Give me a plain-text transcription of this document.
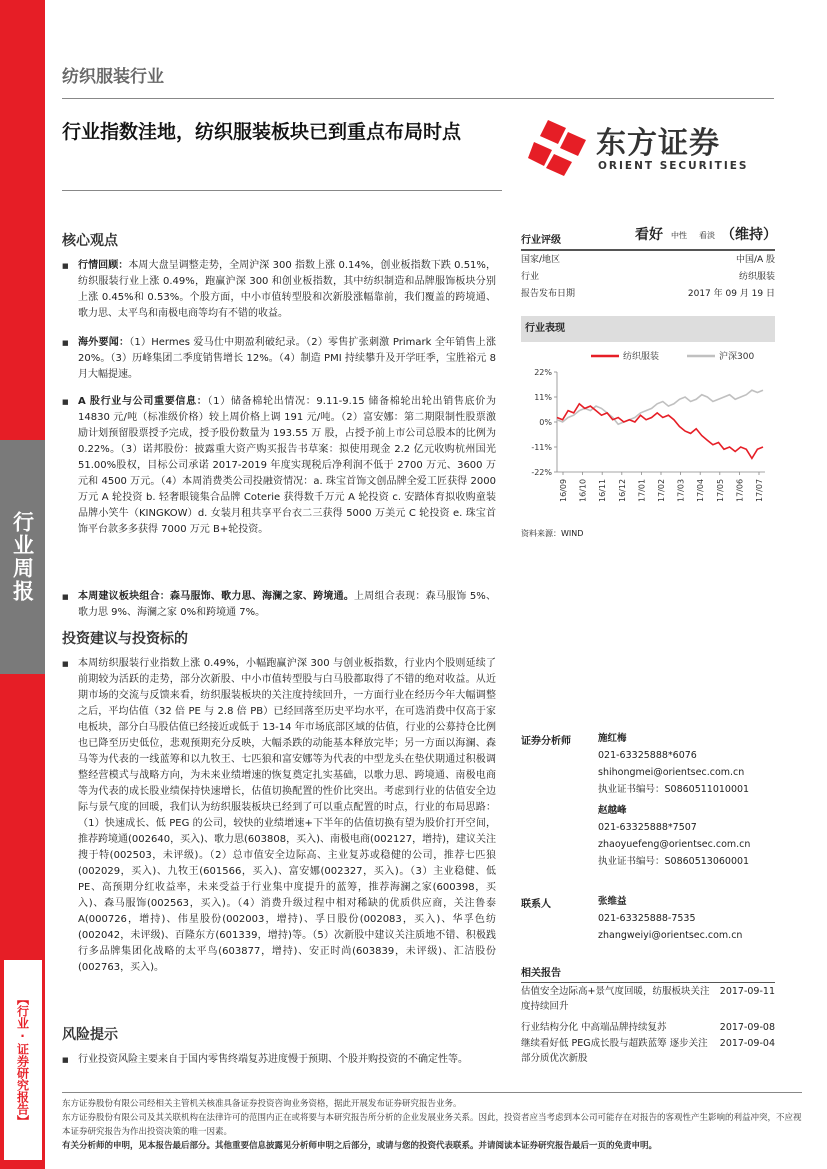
行业周报
【行业·证券研究报告】
纺织服装行业
行业指数洼地，纺织服装板块已到重点布局时点	东方证券
ORIENT SECURITIES
核心观点
■ 行情回顾：本周大盘呈调整走势，全周沪深 300 指数上涨 0.14%，创业板指数下跌 0.51%，纺织服装行业上涨 0.49%，跑赢沪深 300 和创业板指数，其中纺织制造和品牌服饰板块分别上涨 0.45%和 0.53%。个股方面，中小市值转型股和次新股涨幅靠前，我们覆盖的跨境通、歌力思、太平鸟和南极电商等均有不错的收益。
■ 海外要闻：（1）Hermes 爱马仕中期盈利破纪录。（2）零售扩张刺激 Primark 全年销售上涨 20%。（3）历峰集团二季度销售增长 12%。（4）制造 PMI 持续攀升及开学旺季，宝胜裕元 8 月大幅提速。
■ A 股行业与公司重要信息：（1）储备棉轮出情况：9.11-9.15 储备棉轮出轮出销售底价为 14830 元/吨（标准级价格）较上周价格上调 191 元/吨。（2）富安娜：第二期限制性股票激励计划预留股票授予完成，授予股份数量为 193.55 万 股，占授予前上市公司总股本的比例为 0.22%。（3）诺邦股份：披露重大资产购买报告书草案：拟使用现金 2.2 亿元收购杭州国光 51.00%股权，目标公司承诺 2017-2019 年度实现税后净利润不低于 2700 万元、3600 万元和 4500 万元。（4）本周消费类公司投融资情况：a. 珠宝首饰文创品牌全爱工匠获得 2000 万元 A 轮投资 b. 轻奢眼镜集合品牌 Coterie 获得数千万元 A 轮投资 c. 安踏体育拟收购童装品牌小笑牛（KINGKOW）d. 女装月租共享平台衣二三获得 5000 万美元 C 轮投资 e. 珠宝首饰平台款多多获得 7000 万元 B+轮投资。
■ 本周建议板块组合：森马服饰、歌力思、海澜之家、跨境通。上周组合表现：森马服饰 5%、歌力思 9%、海澜之家 0%和跨境通 7%。
投资建议与投资标的
■ 本周纺织服装行业指数上涨 0.49%，小幅跑赢沪深 300 与创业板指数，行业内个股则延续了前期较为活跃的走势，部分次新股、中小市值转型股与白马股都取得了不错的绝对收益。从近期市场的交流与反馈来看，纺织服装板块的关注度持续回升，一方面行业在经历今年大幅调整之后，平均估值（32 倍 PE 与 2.8 倍 PB）已经回落至历史平均水平，在可选消费中仅高于家电板块，部分白马股估值已经接近或低于 13-14 年市场底部区域的估值，行业的公募持仓比例也已降至历史低位，悲观预期充分反映，大幅杀跌的动能基本释放完毕；另一方面以海澜、森马等为代表的一线蓝筹和以九牧王、七匹狼和富安娜等为代表的中型龙头在垫伏期通过积极调整经营模式与战略方向，为未来业绩增速的恢复奠定扎实基础，以歌力思、跨境通、南极电商等为代表的成长股业绩保持快速增长，估值切换配置的性价比突出。考虑到行业的估值安全边际与景气度的回暖，我们认为纺织服装板块已经到了可以重点配置的时点，行业的布局思路：（1）快速成长、低 PEG 的公司，较快的业绩增速+下半年的估值切换有望为股价打开空间，推荐跨境通(002640，买入)、歌力思(603808，买入)、南极电商(002127，增持)，建议关注搜于特(002503，未评级)。（2）总市值安全边际高、主业复苏或稳健的公司，推荐七匹狼(002029，买入)、九牧王(601566，买入)、富安娜(002327，买入)。（3）主业稳健、低 PE、高预期分红收益率，未来受益于行业集中度提升的蓝筹，推荐海澜之家(600398，买入)、森马服饰(002563，买入)。（4）消费升级过程中相对稀缺的优质供应商，关注鲁泰 A(000726，增持)、伟星股份(002003，增持)、孚日股份(002083，买入)、华孚色纺(002042，未评级)、百隆东方(601339，增持)等。（5）次新股中建议关注质地不错、积极践行多品牌集团化战略的太平鸟(603877，增持)、安正时尚(603839，未评级)、汇洁股份(002763，买入)。
风险提示
■ 行业投资风险主要来自于国内零售终端复苏进度慢于预期、个股并购投资的不确定性等。
行业评级	看好 中性 看淡 （维持）
国家/地区	中国/A 股
行业	纺织服装
报告发布日期	2017 年 09 月 19 日
行业表现
纺织服装	沪深300
22%
11%
0%
-11%
-22%
16/09 16/10 16/11 16/12 17/01 17/02 17/03 17/04 17/05 17/06 17/07
资料来源：WIND
证券分析师	施红梅
021-63325888*6076
shihongmei@orientsec.com.cn
执业证书编号：S0860511010001
赵越峰
021-63325888*7507
zhaoyuefeng@orientsec.com.cn
执业证书编号：S0860513060001
联系人	张维益
021-63325888-7535
zhangweiyi@orientsec.com.cn
相关报告
估值安全边际高+景气度回暖，纺服板块关注度持续回升
2017-09-11
行业结构分化 中高端品牌持续复苏	2017-09-08
继续看好低 PEG成长股与超跌蓝筹 逐步关注部分质优次新股
2017-09-04
东方证券股份有限公司经相关主管机关核准具备证券投资咨询业务资格，据此开展发布证券研究报告业务。
东方证券股份有限公司及其关联机构在法律许可的范围内正在或将要与本研究报告所分析的企业发展业务关系。因此，投资者应当考虑到本公司可能存在对报告的客观性产生影响的利益冲突，不应视本证券研究报告为作出投资决策的唯一因素。
有关分析师的申明，见本报告最后部分。其他重要信息披露见分析师申明之后部分，或请与您的投资代表联系。并请阅读本证券研究报告最后一页的免责申明。
